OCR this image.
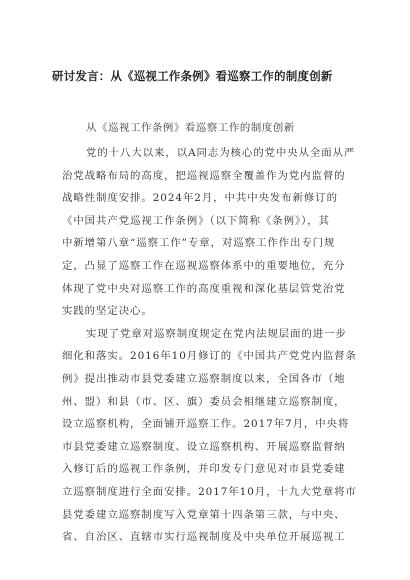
研讨发言：从《巡视工作条例》看巡察工作的制度创新
从《巡视工作条例》看巡察工作的制度创新
党的十八大以来，以A同志为核心的党中央从全面从严
治党战略布局的高度，把巡视巡察全覆盖作为党内监督的
战略性制度安排。2024年2月，中共中央发布新修订的
《中国共产党巡视工作条例》（以下简称《条例》），其
中新增第八章“巡察工作”专章，对巡察工作作出专门规
定，凸显了巡察工作在巡视巡察体系中的重要地位，充分
体现了党中央对巡察工作的高度重视和深化基层管党治党
实践的坚定决心。
实现了党章对巡察制度规定在党内法规层面的进一步
细化和落实。2016年10月修订的《中国共产党党内监督条
例》提出推动市县党委建立巡察制度以来，全国各市（地
州、盟）和县（市、区、旗）委员会相继建立巡察制度，
设立巡察机构，全面铺开巡察工作。2017年7月，中央将
市县党委建立巡察制度、设立巡察机构、开展巡察监督纳
入修订后的巡视工作条例，并印发专门意见对市县党委建
立巡察制度进行全面安排。2017年10月，十九大党章将市
县党委建立巡察制度写入党章第十四条第三款，与中央、
省、自治区、直辖市实行巡视制度及中央单位开展巡视工
